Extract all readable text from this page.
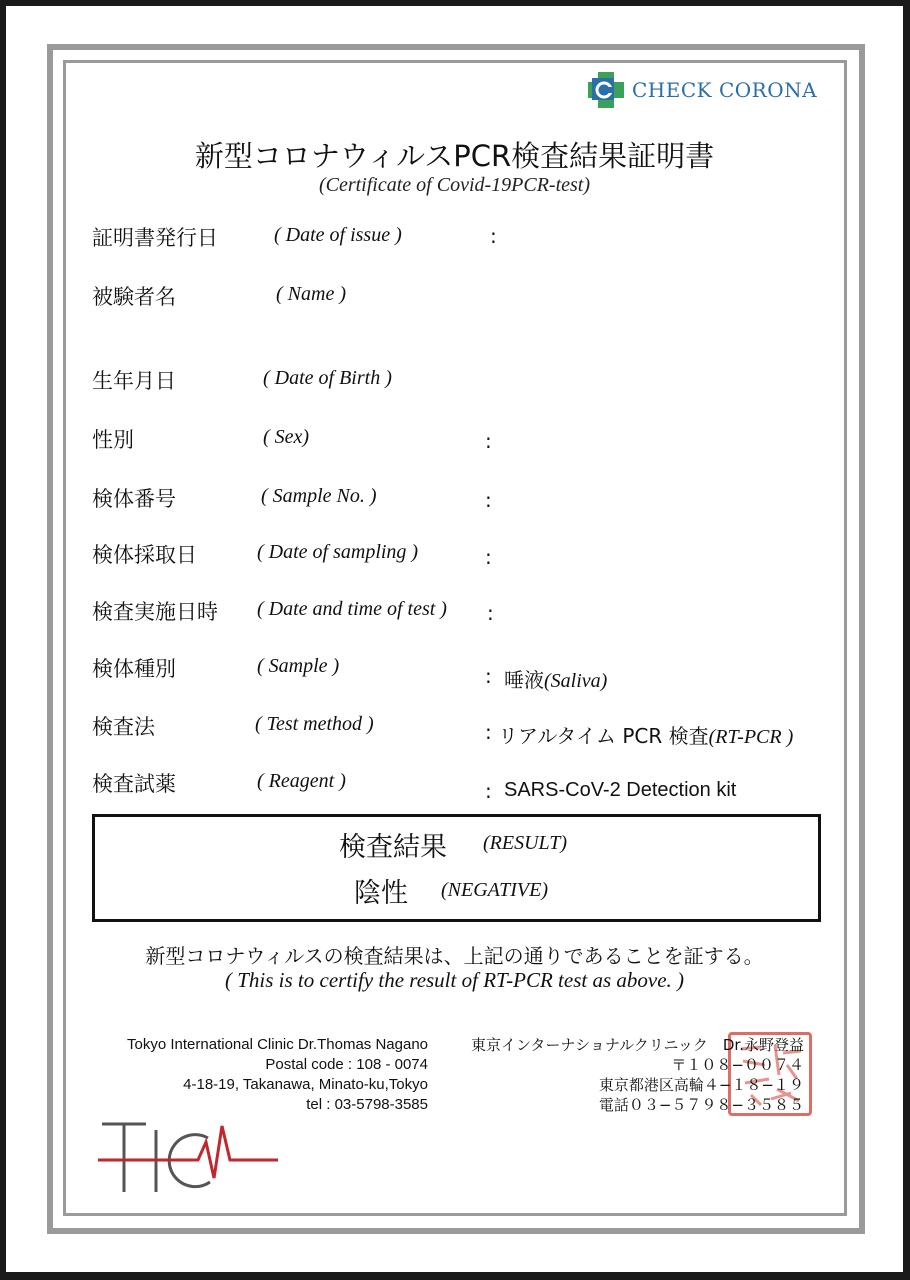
CHECK CORONA
新型コロナウィルスPCR検査結果証明書
(Certificate of Covid-19PCR-test)
証明書発行日	( Date of issue )	:
被験者名	( Name )
生年月日	( Date of Birth )
性別	( Sex)	:
検体番号	( Sample No. )	:
検体採取日	( Date of sampling )	:
検査実施日時 ( Date and time of test ) :
検体種別	( Sample )	: 唾液(Saliva)
検査法	( Test method )	: リアルタイム PCR 検査(RT-PCR )
検査試薬	( Reagent )	: SARS-CoV-2 Detection kit
検査結果 (RESULT)
陰性 (NEGATIVE)
新型コロナウィルスの検査結果は、上記の通りであることを証する。
( This is to certify the result of RT-PCR test as above. )
Tokyo International Clinic Dr.Thomas Nagano
Postal code : 108 - 0074
4-18-19, Takanawa, Minato-ku,Tokyo
tel : 03-5798-3585
東京インターナショナルクリニック　Dr.永野登益
〒１０８−００７４
東京都港区高輪４−１８−１９
電話０３−５７９８−３５８５
